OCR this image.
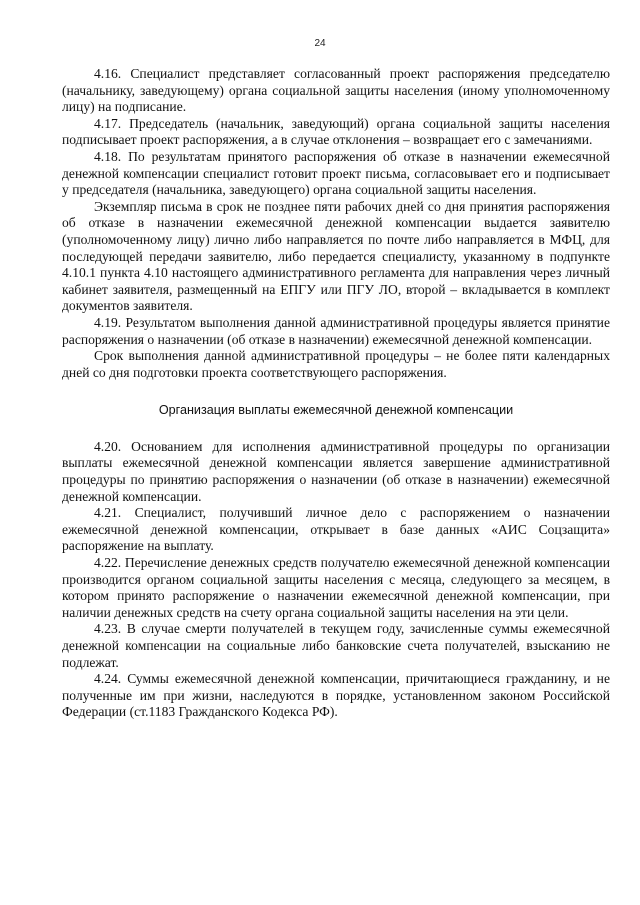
24

4.16. Специалист представляет согласованный проект распоряжения председателю (начальнику, заведующему) органа социальной защиты населения (иному уполномоченному лицу) на подписание.

4.17. Председатель (начальник, заведующий) органа социальной защиты населения подписывает проект распоряжения, а в случае отклонения – возвращает его с замечаниями.

4.18. По результатам принятого распоряжения об отказе в назначении ежемесячной денежной компенсации специалист готовит проект письма, согласовывает его и подписывает у председателя (начальника, заведующего) органа социальной защиты населения.

Экземпляр письма в срок не позднее пяти рабочих дней со дня принятия распоряжения об отказе в назначении ежемесячной денежной компенсации выдается заявителю (уполномоченному лицу) лично либо направляется по почте либо направляется в МФЦ, для последующей передачи заявителю, либо передается специалисту, указанному в подпункте 4.10.1 пункта 4.10 настоящего административного регламента для направления через личный кабинет заявителя, размещенный на ЕПГУ или ПГУ ЛО, второй – вкладывается в комплект документов заявителя.

4.19. Результатом выполнения данной административной процедуры является принятие распоряжения о назначении (об отказе в назначении) ежемесячной денежной компенсации.

Срок выполнения данной административной процедуры – не более пяти календарных дней со дня подготовки проекта соответствующего распоряжения.

Организация выплаты ежемесячной денежной компенсации

4.20. Основанием для исполнения административной процедуры по организации выплаты ежемесячной денежной компенсации является завершение административной процедуры по принятию распоряжения о назначении (об отказе в назначении) ежемесячной денежной компенсации.

4.21. Специалист, получивший личное дело с распоряжением о назначении ежемесячной денежной компенсации, открывает в базе данных «АИС Соцзащита» распоряжение на выплату.

4.22. Перечисление денежных средств получателю ежемесячной денежной компенсации производится органом социальной защиты населения с месяца, следующего за месяцем, в котором принято распоряжение о назначении ежемесячной денежной компенсации, при наличии денежных средств на счету органа социальной защиты населения на эти цели.

4.23. В случае смерти получателей в текущем году, зачисленные суммы ежемесячной денежной компенсации на социальные либо банковские счета получателей, взысканию не подлежат.

4.24. Суммы ежемесячной денежной компенсации, причитающиеся гражданину, и не полученные им при жизни, наследуются в порядке, установленном законом Российской Федерации (ст.1183 Гражданского Кодекса РФ).
